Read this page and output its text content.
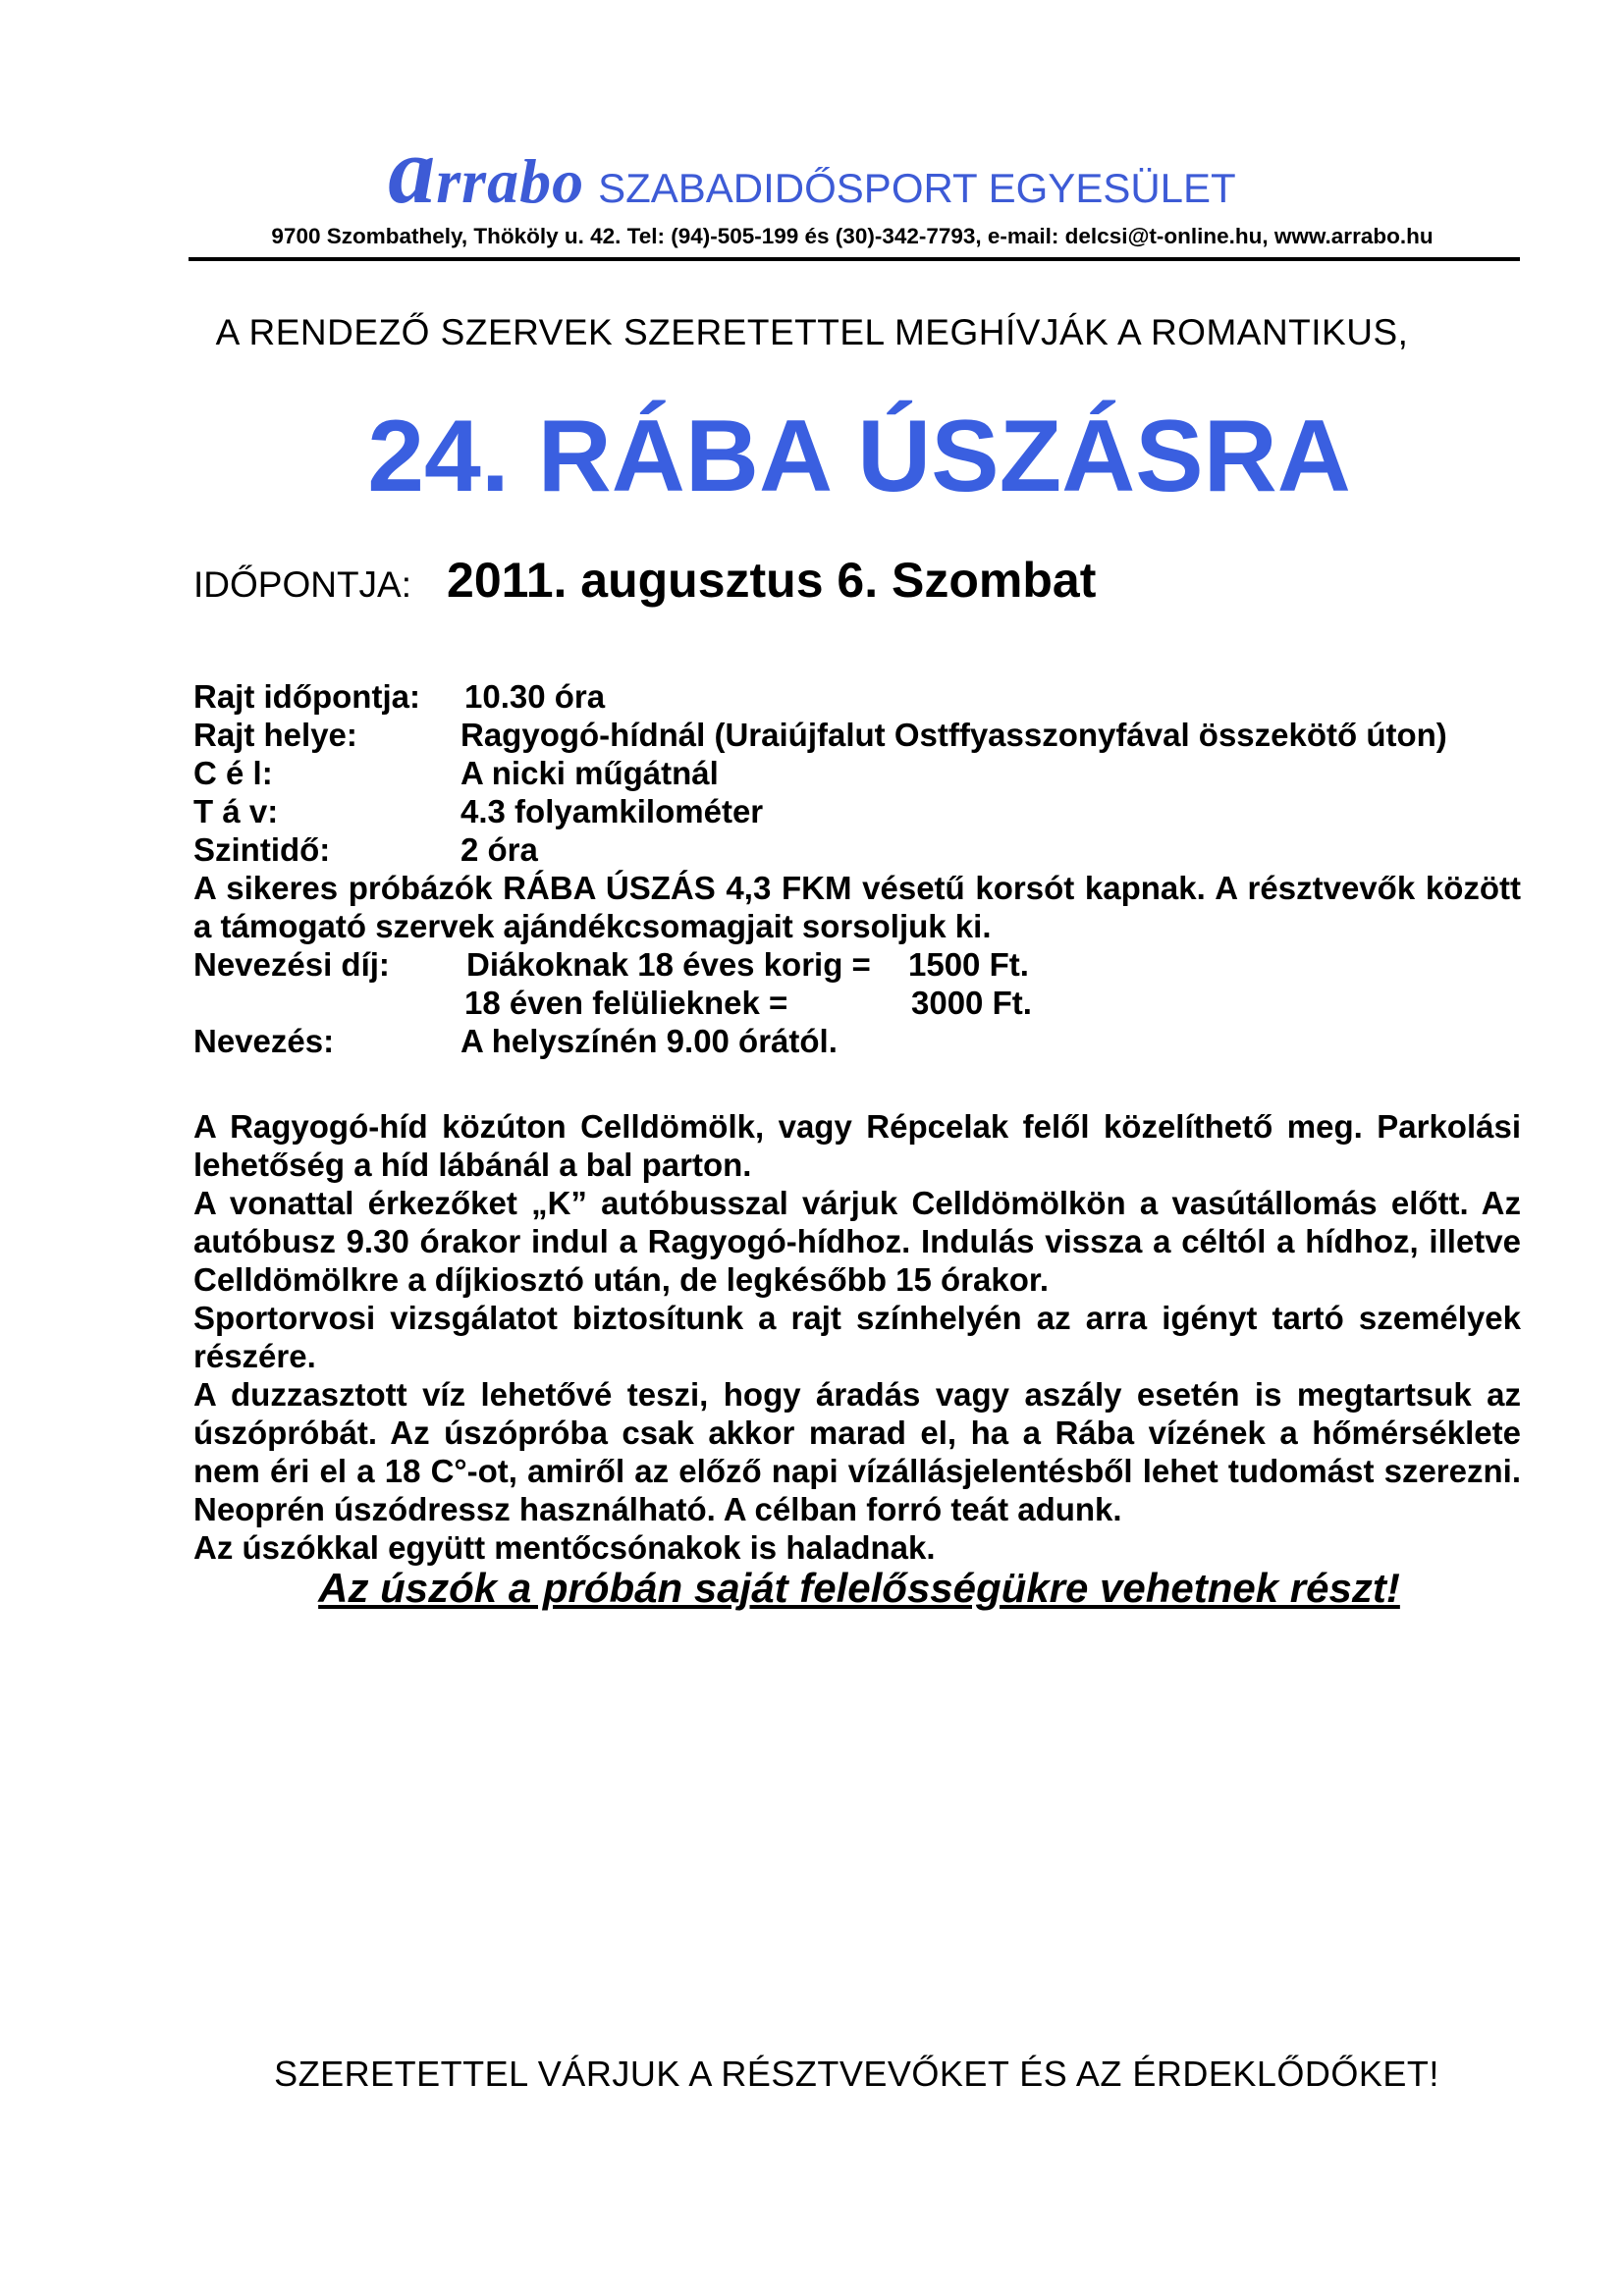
arrabo SZABADIDŐSPORT EGYESÜLET
9700 Szombathely, Thököly u. 42. Tel: (94)-505-199 és (30)-342-7793, e-mail: delcsi@t-online.hu, www.arrabo.hu
A RENDEZŐ SZERVEK SZERETETTEL MEGHÍVJÁK A ROMANTIKUS,
24. RÁBA ÚSZÁSRA
IDŐPONTJA: 2011. augusztus 6. Szombat
Rajt időpontja: 10.30 óra
Rajt helye:	Ragyogó-hídnál (Uraiújfalut Ostffyasszonyfával összekötő úton)
C é l:	A nicki műgátnál
T á v:	4.3 folyamkilométer
Szintidő:	2 óra

A sikeres próbázók RÁBA ÚSZÁS 4,3 FKM vésetű korsót kapnak. A résztvevők között a támogató szervek ajándékcsomagjait sorsoljuk ki.

Nevezési díj: Diákoknak 18 éves korig = 1500 Ft.
18 éven felülieknek =	3000 Ft.
Nevezés:	A helyszínén 9.00 órától.

A Ragyogó-híd közúton Celldömölk, vagy Répcelak felől közelíthető meg. Parkolási lehetőség a híd lábánál a bal parton.

A vonattal érkezőket „K” autóbusszal várjuk Celldömölkön a vasútállomás előtt. Az autóbusz 9.30 órakor indul a Ragyogó-hídhoz. Indulás vissza a céltól a hídhoz, illetve Celldömölkre a díjkiosztó után, de legkésőbb 15 órakor.

Sportorvosi vizsgálatot biztosítunk a rajt színhelyén az arra igényt tartó személyek részére.

A duzzasztott víz lehetővé teszi, hogy áradás vagy aszály esetén is megtartsuk az úszópróbát. Az úszópróba csak akkor marad el, ha a Rába vízének a hőmérséklete nem éri el a 18 C°-ot, amiről az előző napi vízállásjelentésből lehet tudomást szerezni. Neoprén úszódressz használható. A célban forró teát adunk.

Az úszókkal együtt mentőcsónakok is haladnak.

Az úszók a próbán saját felelősségükre vehetnek részt!
SZERETETTEL VÁRJUK A RÉSZTVEVŐKET ÉS AZ ÉRDEKLŐDŐKET!
